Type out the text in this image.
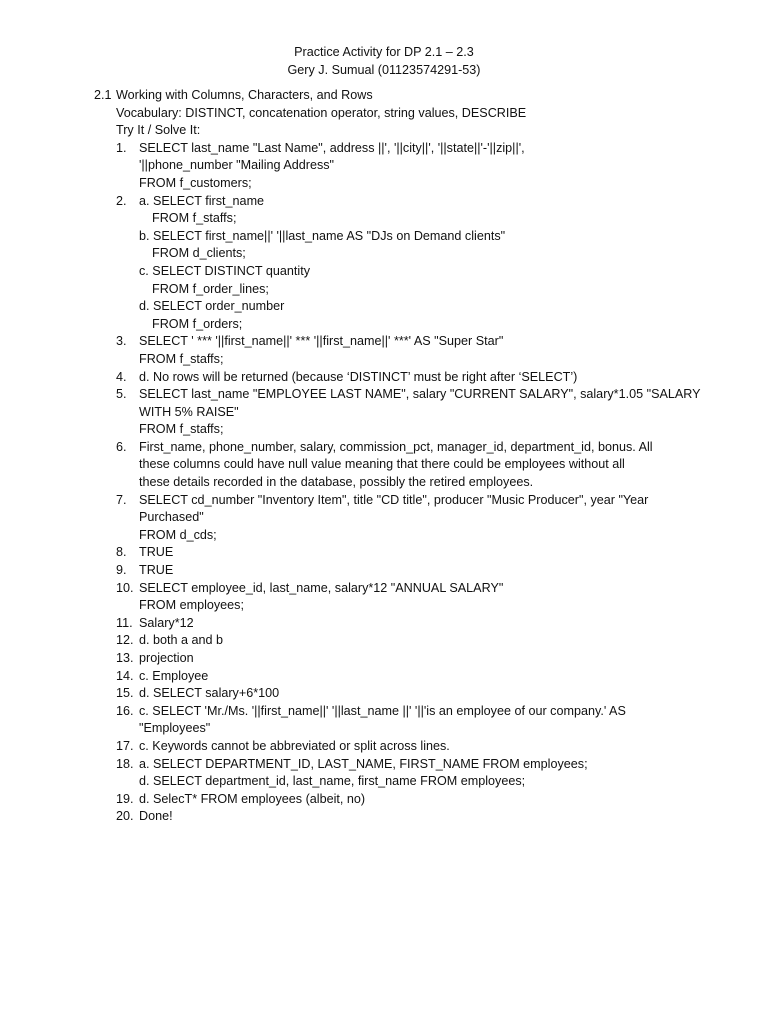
Practice Activity for DP 2.1 – 2.3
Gery J. Sumual (01123574291-53)
2.1 Working with Columns, Characters, and Rows
Vocabulary: DISTINCT, concatenation operator, string values, DESCRIBE
Try It / Solve It:
1. SELECT last_name "Last Name", address ||', '||city||', '||state||'-'||zip||',
'||phone_number "Mailing Address"
FROM f_customers;
2. a. SELECT first_name
FROM f_staffs;
b. SELECT first_name||' '||last_name AS "DJs on Demand clients"
FROM d_clients;
c. SELECT DISTINCT quantity
FROM f_order_lines;
d. SELECT order_number
FROM f_orders;
3. SELECT ' *** '||first_name||' *** '||first_name||' ***' AS "Super Star"
FROM f_staffs;
4. d. No rows will be returned (because ‘DISTINCT’ must be right after ‘SELECT’)
5. SELECT last_name "EMPLOYEE LAST NAME", salary "CURRENT SALARY", salary*1.05 "SALARY
WITH 5% RAISE"
FROM f_staffs;
6. First_name, phone_number, salary, commission_pct, manager_id, department_id, bonus. All
these columns could have null value meaning that there could be employees without all
these details recorded in the database, possibly the retired employees.
7. SELECT cd_number "Inventory Item", title "CD title", producer "Music Producer", year "Year
Purchased"
FROM d_cds;
8. TRUE
9. TRUE
10. SELECT employee_id, last_name, salary*12 "ANNUAL SALARY"
FROM employees;
11. Salary*12
12. d. both a and b
13. projection
14. c. Employee
15. d. SELECT salary+6*100
16. c. SELECT 'Mr./Ms. '||first_name||' '||last_name ||' '||'is an employee of our company.' AS
"Employees"
17. c. Keywords cannot be abbreviated or split across lines.
18. a. SELECT DEPARTMENT_ID, LAST_NAME, FIRST_NAME FROM employees;
d. SELECT department_id, last_name, first_name FROM employees;
19. d. SelecT* FROM employees (albeit, no)
20. Done!
